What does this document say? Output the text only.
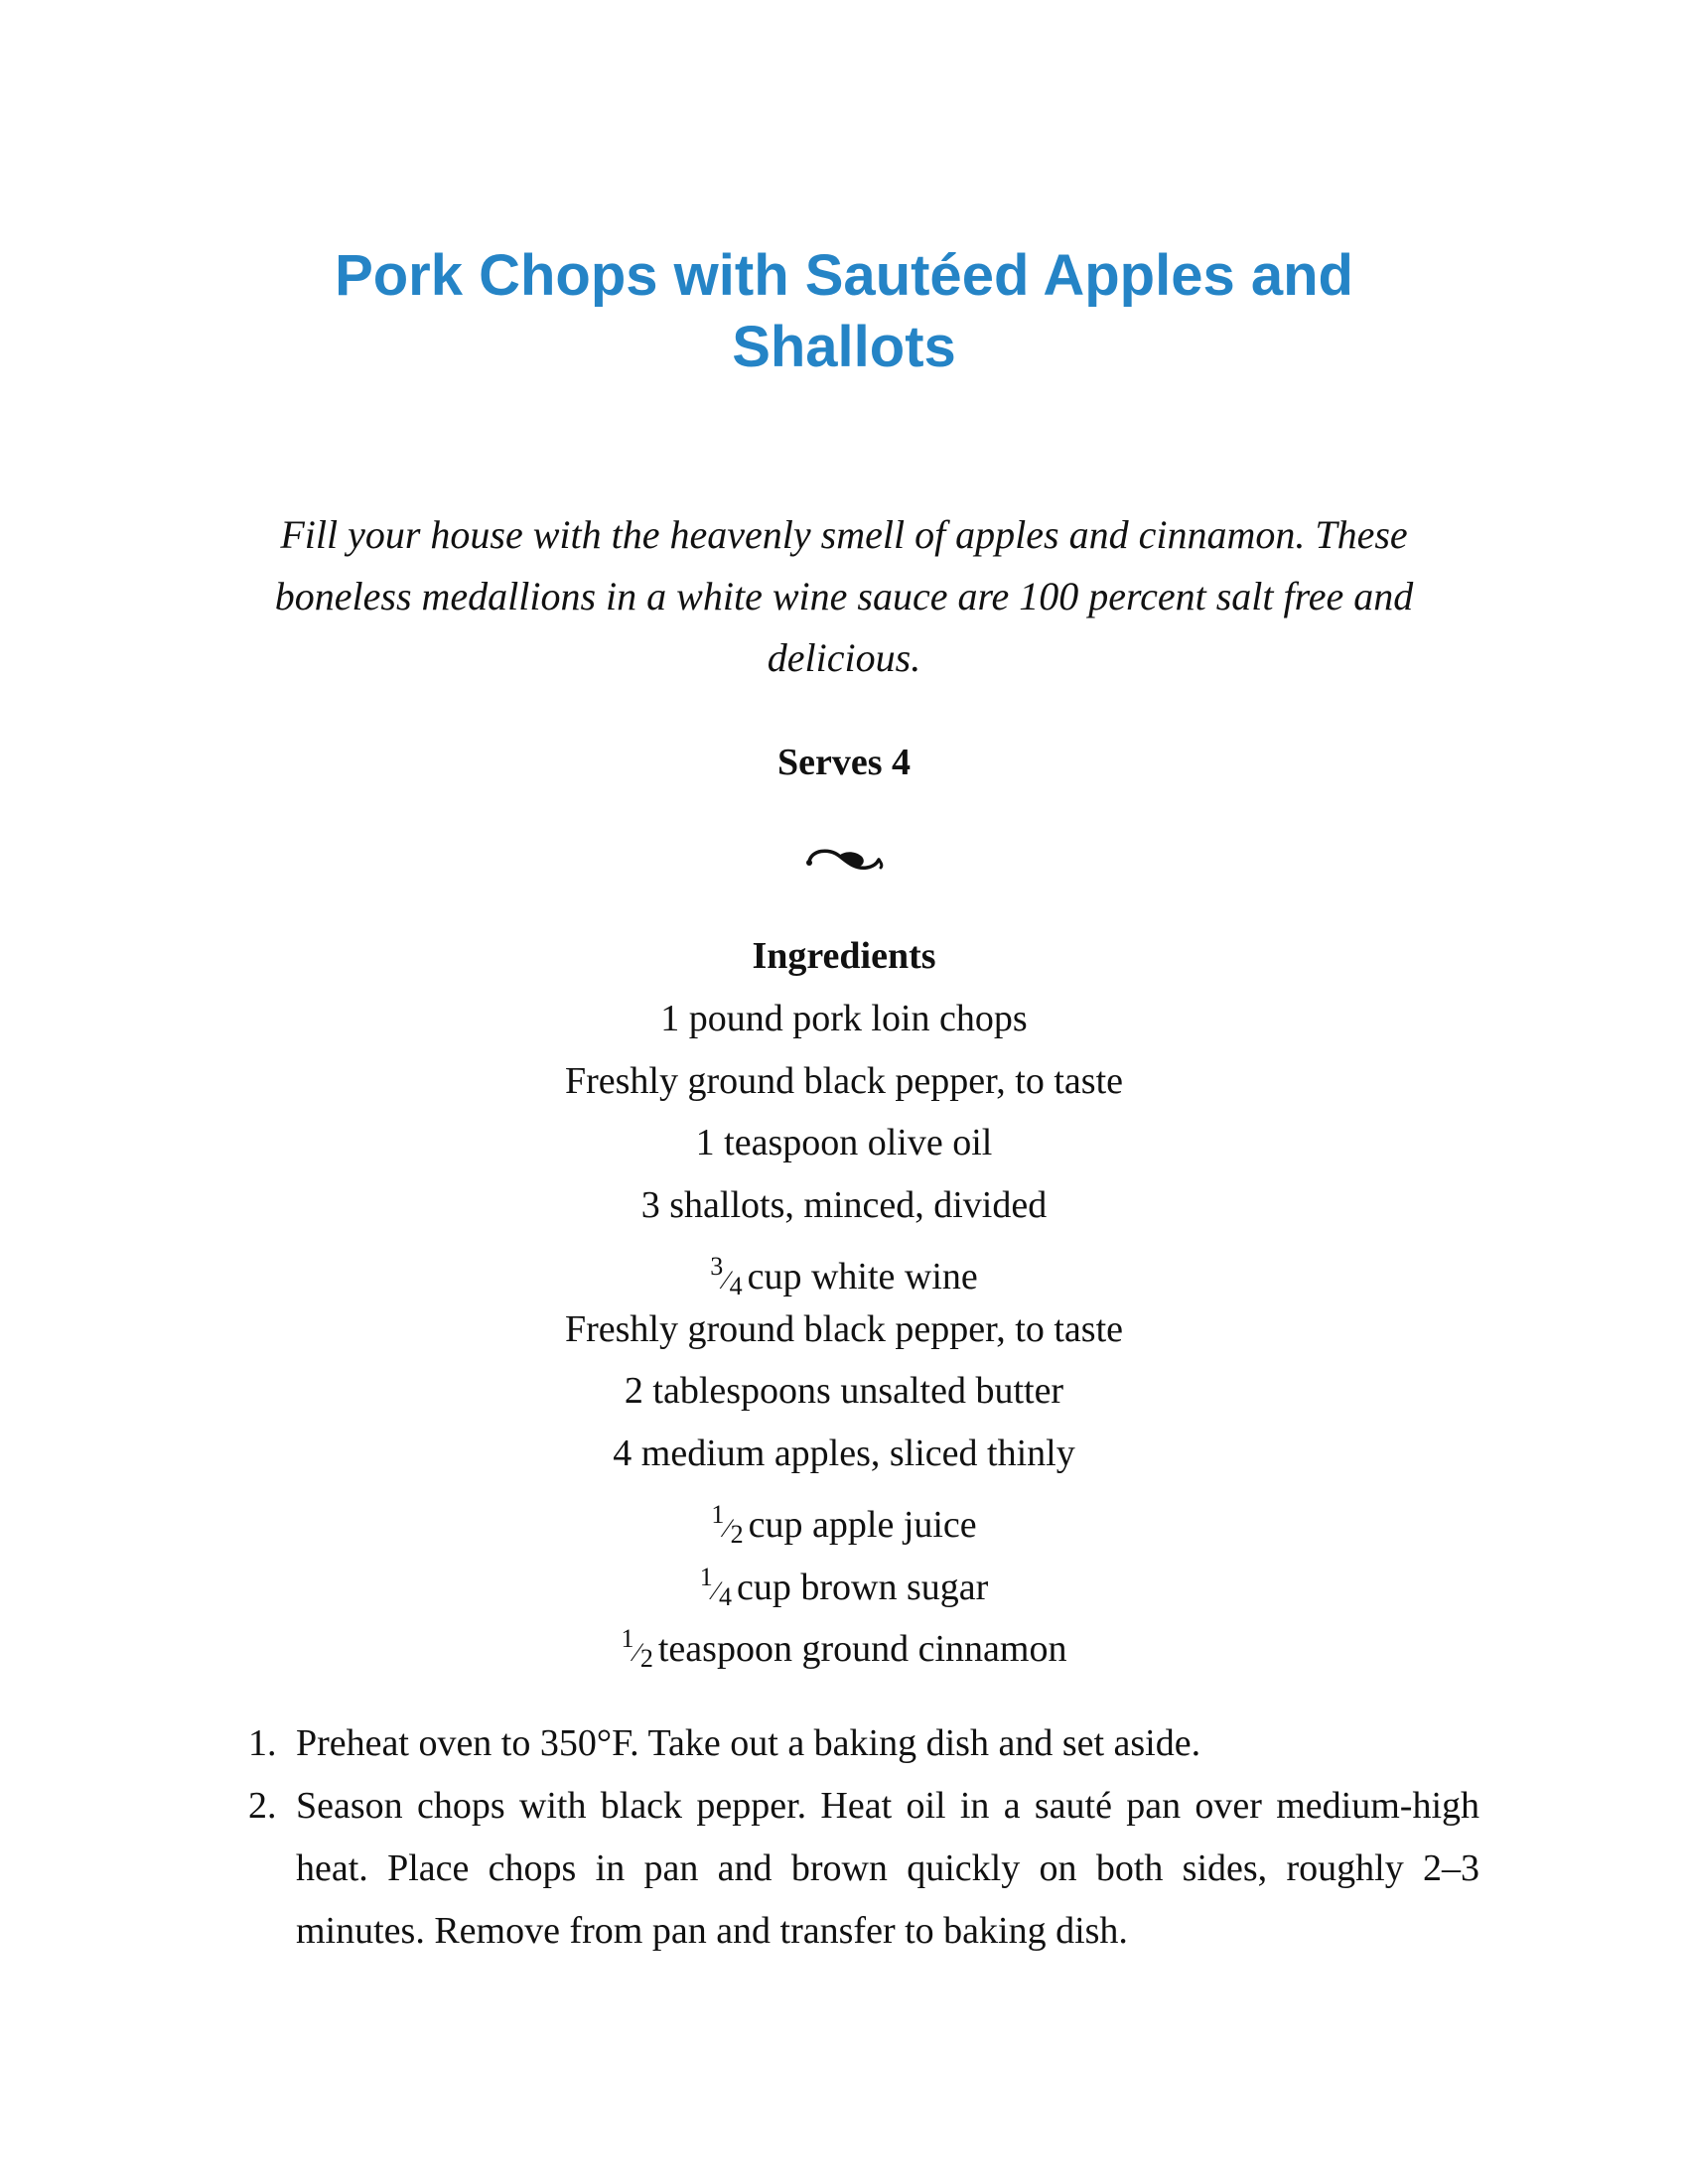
Pork Chops with Sautéed Apples and
Shallots

Fill your house with the heavenly smell of apples and cinnamon. These boneless medallions in a white wine sauce are 100 percent salt free and delicious.

Serves 4

Ingredients
1 pound pork loin chops
Freshly ground black pepper, to taste
1 teaspoon olive oil
3 shallots, minced, divided
3⁄4 cup white wine
Freshly ground black pepper, to taste
2 tablespoons unsalted butter
4 medium apples, sliced thinly
1⁄2 cup apple juice
1⁄4 cup brown sugar
1⁄2 teaspoon ground cinnamon
1. Preheat oven to 350°F. Take out a baking dish and set aside.
2. Season chops with black pepper. Heat oil in a sauté pan over medium-high heat. Place chops in pan and brown quickly on both sides, roughly 2–3 minutes. Remove from pan and transfer to baking dish.
